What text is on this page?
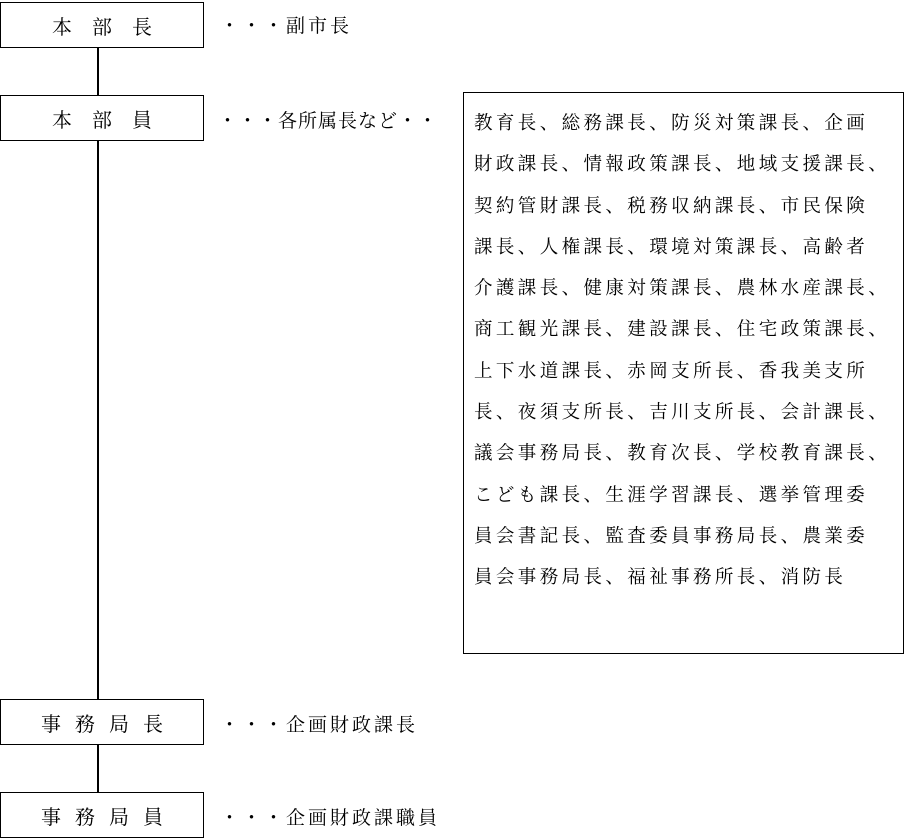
本部長
本部員
事務局長
事務局員
・・・副市長
・・・各所属長など・・
・・・企画財政課長
・・・企画財政課職員
教育長、総務課長、防災対策課長、企画
財政課長、情報政策課長、地域支援課長、
契約管財課長、税務収納課長、市民保険
課長、人権課長、環境対策課長、高齢者
介護課長、健康対策課長、農林水産課長、
商工観光課長、建設課長、住宅政策課長、
上下水道課長、赤岡支所長、香我美支所
長、夜須支所長、吉川支所長、会計課長、
議会事務局長、教育次長、学校教育課長、
こども課長、生涯学習課長、選挙管理委
員会書記長、監査委員事務局長、農業委
員会事務局長、福祉事務所長、消防長
